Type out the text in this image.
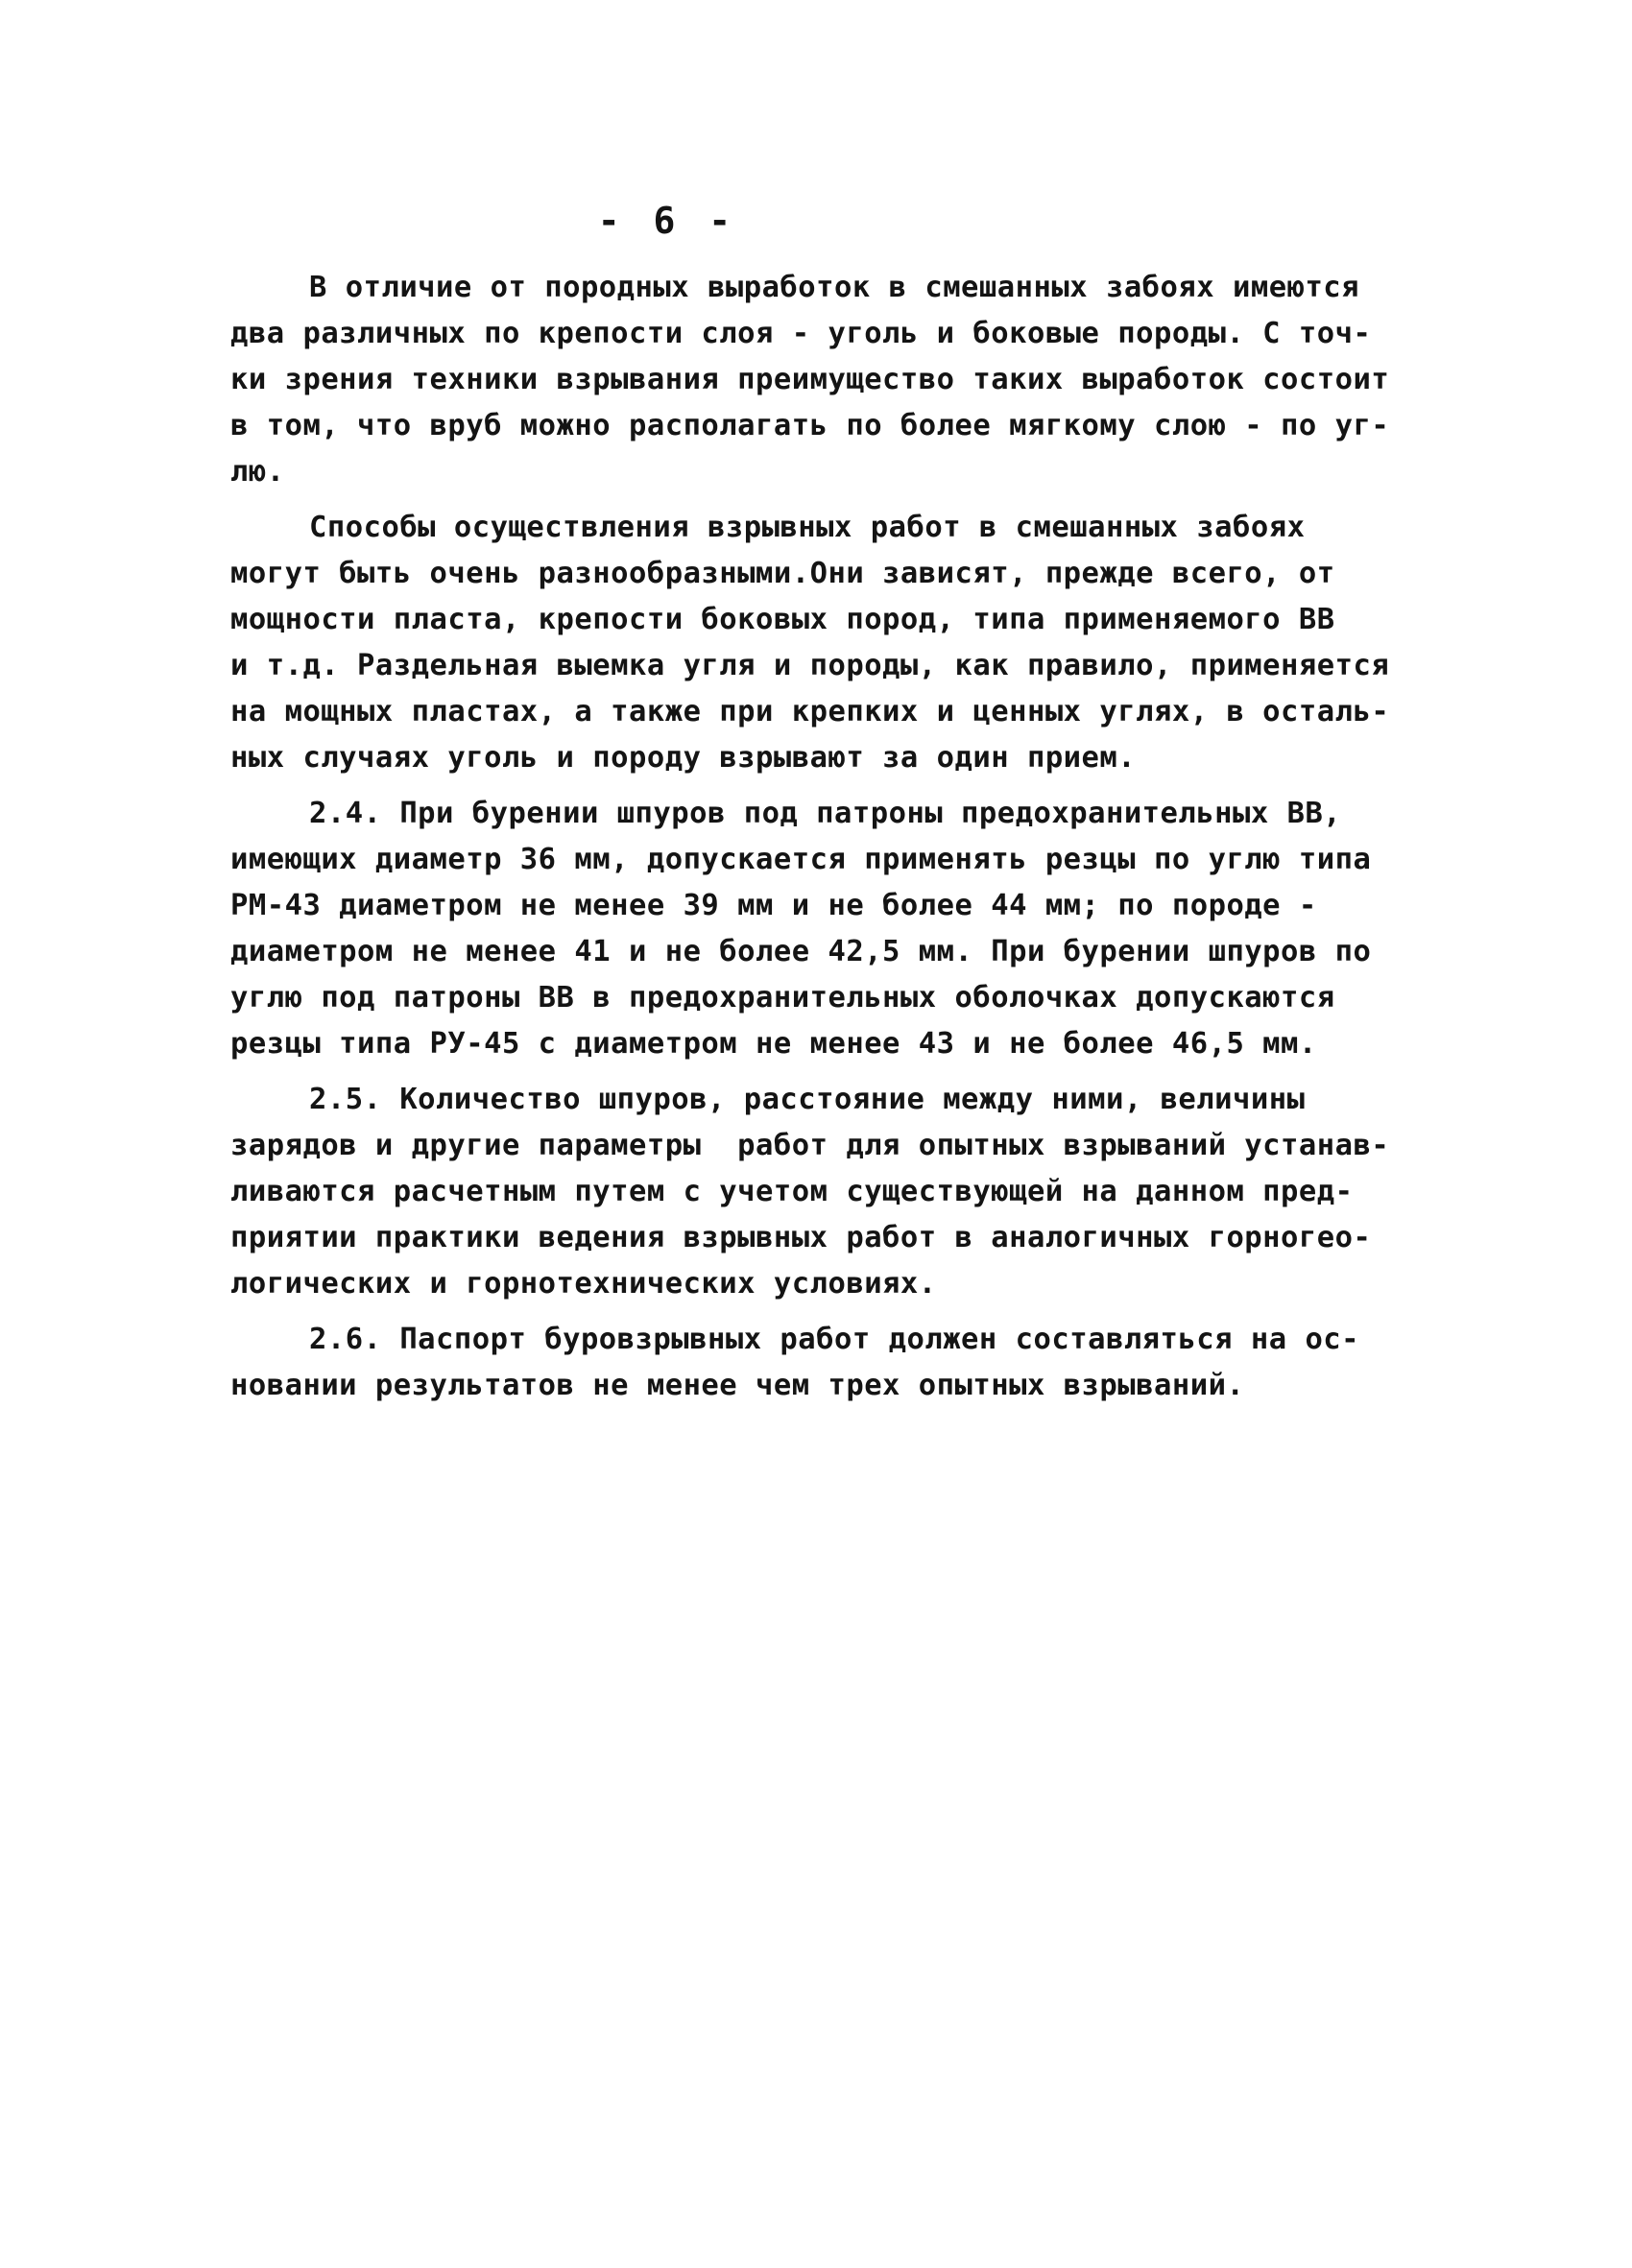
- 6 -
В отличие от породных выработок в смешанных забоях имеются
два различных по крепости слоя - уголь и боковые породы. С точ-
ки зрения техники взрывания преимущество таких выработок состоит
в том, что вруб можно располагать по более мягкому слою - по уг-
лю.
Способы осуществления взрывных работ в смешанных забоях
могут быть очень разнообразными.Они зависят, прежде всего, от
мощности пласта, крепости боковых пород, типа применяемого ВВ
и т.д. Раздельная выемка угля и породы, как правило, применяется
на мощных пластах, а также при крепких и ценных углях, в осталь-
ных случаях уголь и породу взрывают за один прием.
2.4. При бурении шпуров под патроны предохранительных ВВ,
имеющих диаметр 36 мм, допускается применять резцы по углю типа
РМ-43 диаметром не менее 39 мм и не более 44 мм; по породе -
диаметром не менее 41 и не более 42,5 мм. При бурении шпуров по
углю под патроны ВВ в предохранительных оболочках допускаются
резцы типа РУ-45 с диаметром не менее 43 и не более 46,5 мм.
2.5. Количество шпуров, расстояние между ними, величины
зарядов и другие параметры  работ для опытных взрываний устанав-
ливаются расчетным путем с учетом существующей на данном пред-
приятии практики ведения взрывных работ в аналогичных горногео-
логических и горнотехнических условиях.
2.6. Паспорт буровзрывных работ должен составляться на ос-
новании результатов не менее чем трех опытных взрываний.
